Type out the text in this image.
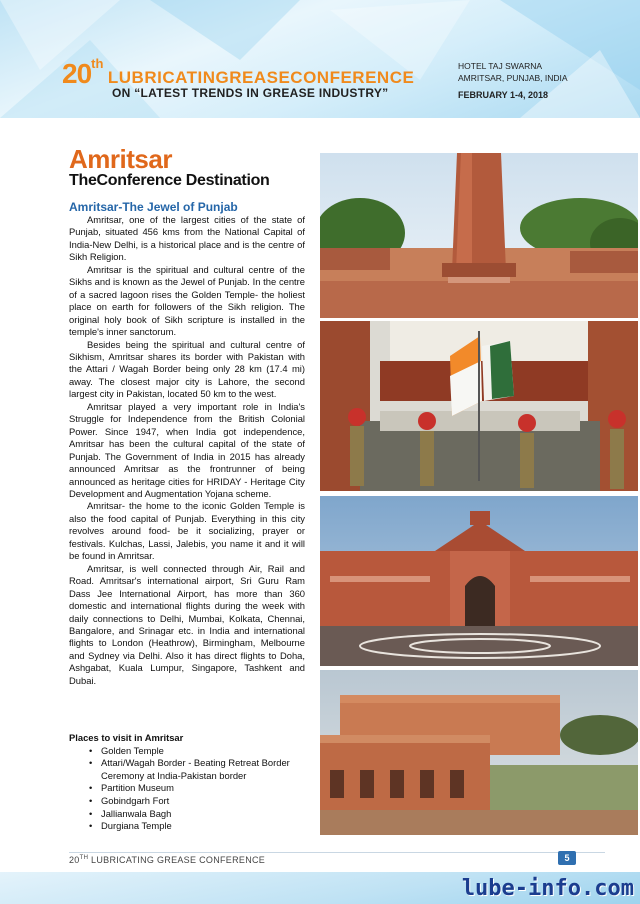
20th LUBRICATINGREASECONFERENCE
ON “LATEST TRENDS IN GREASE INDUSTRY”
HOTEL TAJ SWARNA
AMRITSAR, PUNJAB, INDIA
FEBRUARY 1-4, 2018
Amritsar
TheConference Destination
Amritsar-The Jewel of Punjab

Amritsar, one of the largest cities of the state of Punjab, situated 456 kms from the National Capital of India-New Delhi, is a historical place and is the centre of Sikh Religion.

Amritsar is the spiritual and cultural centre of the Sikhs and is known as the Jewel of Punjab. In the centre of a sacred lagoon rises the Golden Temple- the holiest place on earth for followers of the Sikh religion. The original holy book of Sikh scripture is installed in the temple's inner sanctorum.

Besides being the spiritual and cultural centre of Sikhism, Amritsar shares its border with Pakistan with the Attari / Wagah Border being only 28 km (17.4 mi) away. The closest major city is Lahore, the second largest city in Pakistan, located 50 km to the west.

Amritsar played a very important role in India's Struggle for Independence from the British Colonial Power. Since 1947, when India got independence, Amritsar has been the cultural capital of the state of Punjab. The Government of India in 2015 has already announced Amritsar as the frontrunner of being announced as heritage cities for HRIDAY - Heritage City Development and Augmentation Yojana scheme.

Amritsar- the home to the iconic Golden Temple is also the food capital of Punjab. Everything in this city revolves around food- be it socializing, prayer or festivals. Kulchas, Lassi, Jalebis, you name it and it will be found in Amritsar.

Amritsar, is well connected through Air, Rail and Road. Amritsar's international airport, Sri Guru Ram Dass Jee International Airport, has more than 360 domestic and international flights during the week with daily connections to Delhi, Mumbai, Kolkata, Chennai, Bangalore, and Srinagar etc. in India and international flights to London (Heathrow), Birmingham, Melbourne and Sydney via Delhi. Also it has direct flights to Doha, Ashgabat, Kuala Lumpur, Singapore, Tashkent and Dubai.

Places to visit in Amritsar
• Golden Temple
• Attari/Wagah Border - Beating Retreat Border Ceremony at India-Pakistan border
• Partition Museum
• Gobindgarh Fort
• Jallianwala Bagh
• Durgiana Temple
20TH LUBRICATING GREASE CONFERENCE	5
lube-info.com
